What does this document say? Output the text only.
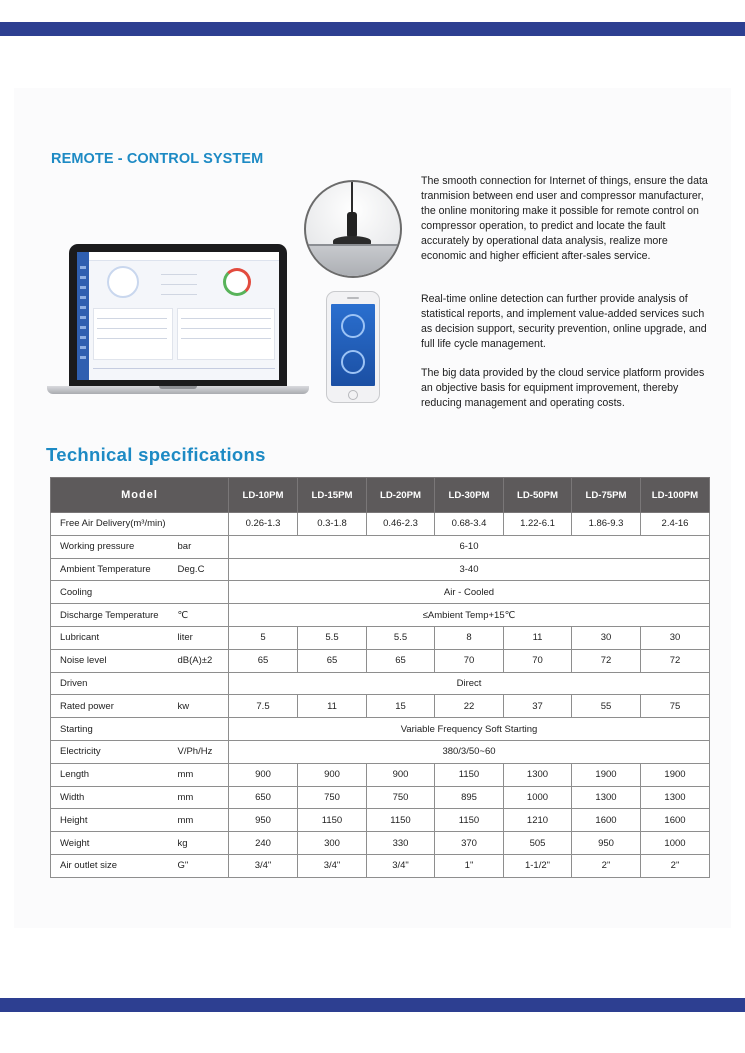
REMOTE - CONTROL SYSTEM

The smooth connection for Internet of things, ensure the data tranmision between end user and compressor manufacturer, the online monitoring make it possible for remote control on compressor operation, to predict and locate the fault accurately by operational data analysis, realize more economic and higher efficient after-sales service.

Real-time online detection can further provide analysis of statistical reports, and implement value-added services such as decision support, security prevention, online upgrade, and full life cycle management.

The big data provided by the cloud service platform provides an objective basis for equipment improvement, thereby reducing management and operating costs.

Technical specifications
Model		LD-10PM	LD-15PM	LD-20PM	LD-30PM	LD-50PM	LD-75PM	LD-100PM
Free Air Delivery(m³/min)		0.26-1.3	0.3-1.8	0.46-2.3	0.68-3.4	1.22-6.1	1.86-9.3	2.4-16
Working pressure	bar	6-10						
Ambient Temperature	Deg.C	3-40						
Cooling		Air - Cooled						
Discharge Temperature	℃	≤Ambient Temp+15℃						
Lubricant	liter	5	5.5	5.5	8	11	30	30
Noise level	dB(A)±2	65	65	65	70	70	72	72
Driven		Direct						
Rated power	kw	7.5	11	15	22	37	55	75
Starting		Variable Frequency Soft Starting						
Electricity	V/Ph/Hz	380/3/50~60						
Length	mm	900	900	900	1150	1300	1900	1900
Width	mm	650	750	750	895	1000	1300	1300
Height	mm	950	1150	1150	1150	1210	1600	1600
Weight	kg	240	300	330	370	505	950	1000
Air outlet size	G"	3/4"	3/4"	3/4"	1"	1-1/2"	2"	2"
